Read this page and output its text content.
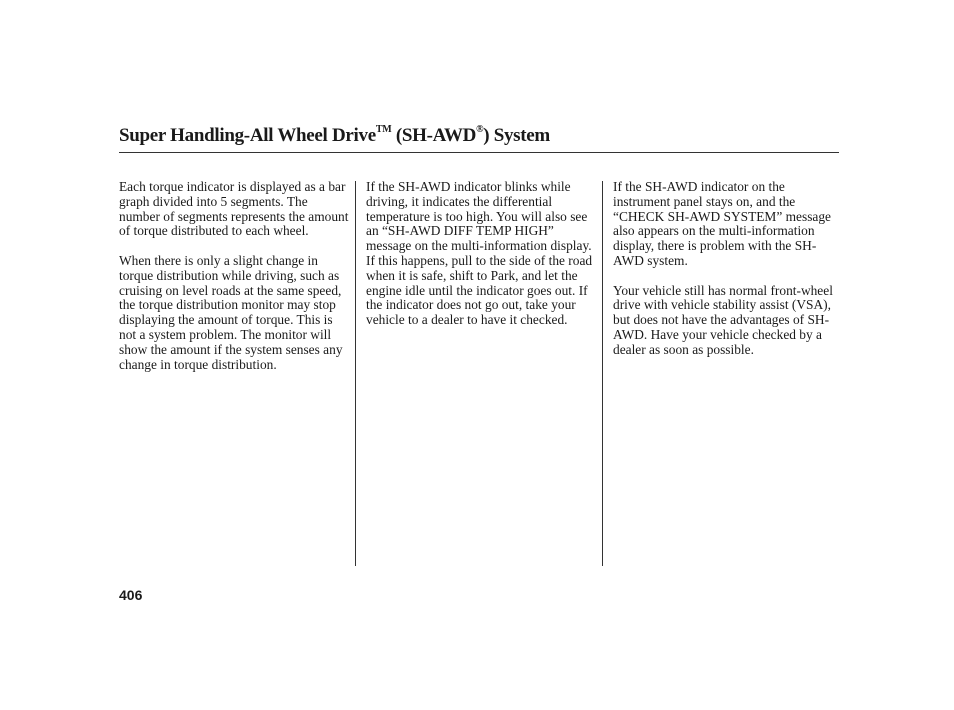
Super Handling-All Wheel Drive™ (SH-AWD®) System

Each torque indicator is displayed as a bar graph divided into 5 segments. The number of segments represents the amount of torque distributed to each wheel.

When there is only a slight change in torque distribution while driving, such as cruising on level roads at the same speed, the torque distribution monitor may stop displaying the amount of torque. This is not a system problem. The monitor will show the amount if the system senses any change in torque distribution.

If the SH-AWD indicator blinks while driving, it indicates the differential temperature is too high. You will also see an “SH-AWD DIFF TEMP HIGH” message on the multi-information display. If this happens, pull to the side of the road when it is safe, shift to Park, and let the engine idle until the indicator goes out. If the indicator does not go out, take your vehicle to a dealer to have it checked.

If the SH-AWD indicator on the instrument panel stays on, and the “CHECK SH-AWD SYSTEM” message also appears on the multi-information display, there is problem with the SH-AWD system.

Your vehicle still has normal front-wheel drive with vehicle stability assist (VSA), but does not have the advantages of SH-AWD. Have your vehicle checked by a dealer as soon as possible.

406
